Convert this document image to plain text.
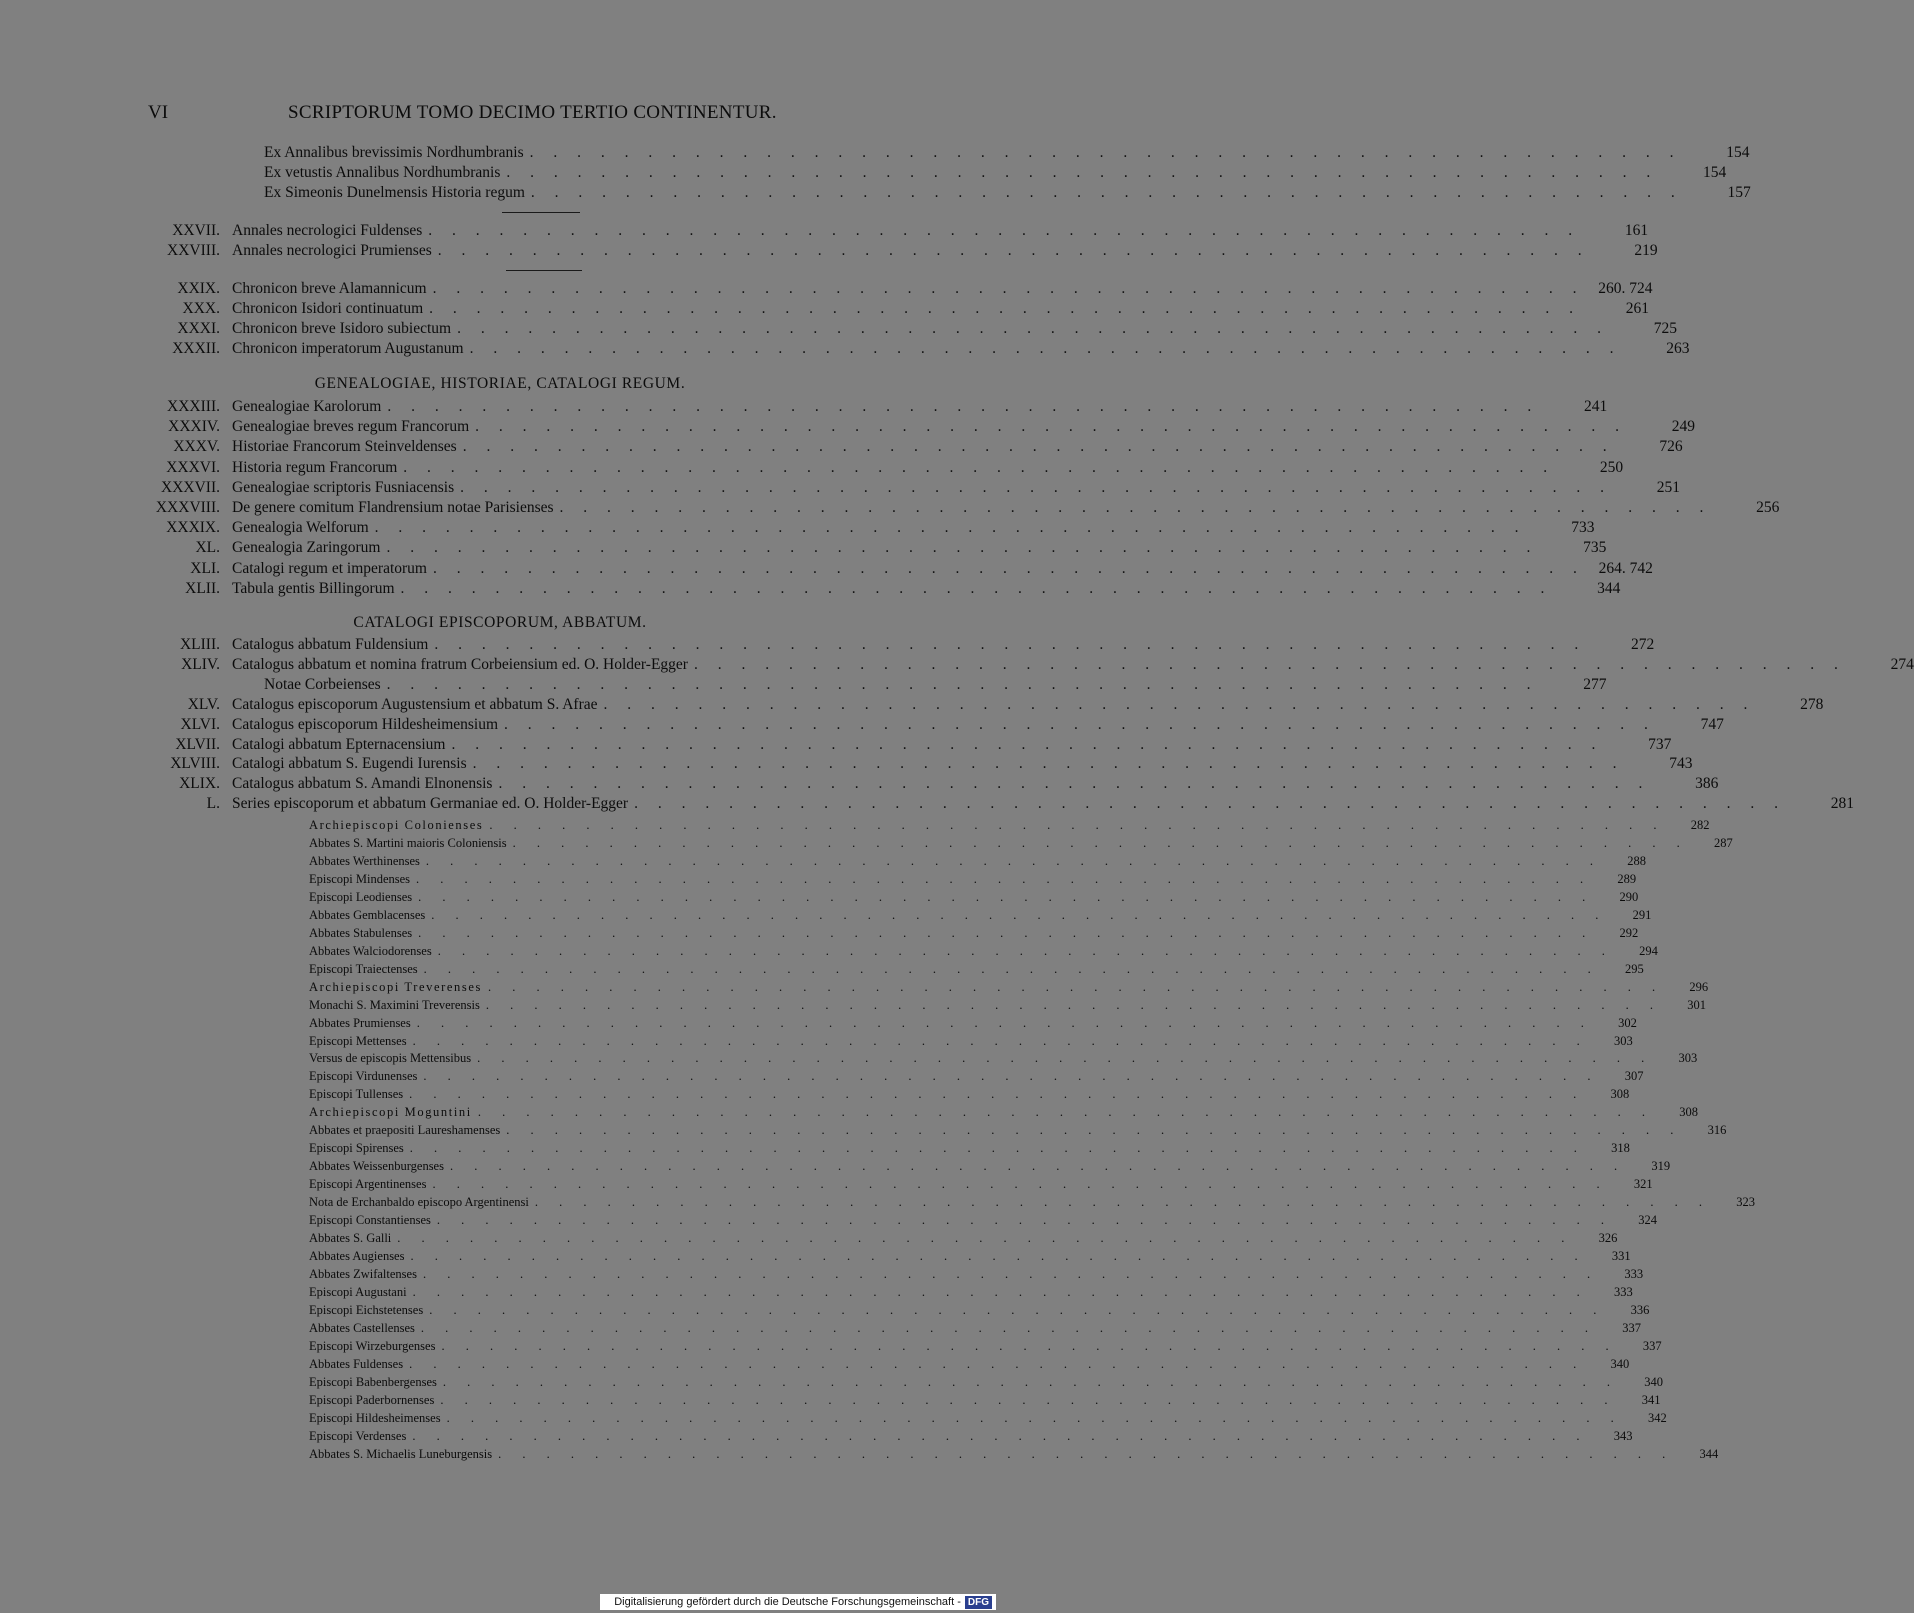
VI	SCRIPTORUM TOMO DECIMO TERTIO CONTINENTUR.
GENEALOGIAE, HISTORIAE, CATALOGI REGUM.
CATALOGI EPISCOPORUM, ABBATUM.
Ex Annalibus brevissimis Nordhumbranis . . . . . . . . . . . . . . . . . . . . . . . . . . . . . . . . . . . . . . . . . . . . . . . . .	154
Ex vetustis Annalibus Nordhumbranis . . . . . . . . . . . . . . . . . . . . . . . . . . . . . . . . . . . . . . . . . . . . . . . . .	154
Ex Simeonis Dunelmensis Historia regum . . . . . . . . . . . . . . . . . . . . . . . . . . . . . . . . . . . . . . . . . . . . . . . . .	157
XXVII. Annales necrologici Fuldenses . . . . . . . . . . . . . . . . . . . . . . . . . . . . . . . . . . . . . . . . . . . . . . . . .	161
XXVIII. Annales necrologici Prumienses . . . . . . . . . . . . . . . . . . . . . . . . . . . . . . . . . . . . . . . . . . . . . . . . .	219
XXIX. Chronicon breve Alamannicum . . . . . . . . . . . . . . . . . . . . . . . . . . . . . . . . . . . . . . . . . . . . . . . . . 260. 724
XXX. Chronicon Isidori continuatum . . . . . . . . . . . . . . . . . . . . . . . . . . . . . . . . . . . . . . . . . . . . . . . . .	261
XXXI. Chronicon breve Isidoro subiectum . . . . . . . . . . . . . . . . . . . . . . . . . . . . . . . . . . . . . . . . . . . . . . . . .	725
XXXII. Chronicon imperatorum Augustanum . . . . . . . . . . . . . . . . . . . . . . . . . . . . . . . . . . . . . . . . . . . . . . . . .	263
XXXIII. Genealogiae Karolorum . . . . . . . . . . . . . . . . . . . . . . . . . . . . . . . . . . . . . . . . . . . . . . . . .	241
XXXIV. Genealogiae breves regum Francorum . . . . . . . . . . . . . . . . . . . . . . . . . . . . . . . . . . . . . . . . . . . . . . . . .	249
XXXV. Historiae Francorum Steinveldenses . . . . . . . . . . . . . . . . . . . . . . . . . . . . . . . . . . . . . . . . . . . . . . . . .	726
XXXVI. Historia regum Francorum . . . . . . . . . . . . . . . . . . . . . . . . . . . . . . . . . . . . . . . . . . . . . . . . .	250
XXXVII. Genealogiae scriptoris Fusniacensis . . . . . . . . . . . . . . . . . . . . . . . . . . . . . . . . . . . . . . . . . . . . . . . . .	251
XXXVIII. De genere comitum Flandrensium notae Parisienses . . . . . . . . . . . . . . . . . . . . . . . . . . . . . . . . . . . . . . . . . . . . . . . . .	256
XXXIX. Genealogia Welforum . . . . . . . . . . . . . . . . . . . . . . . . . . . . . . . . . . . . . . . . . . . . . . . . .	733
XL. Genealogia Zaringorum . . . . . . . . . . . . . . . . . . . . . . . . . . . . . . . . . . . . . . . . . . . . . . . . .	735
XLI. Catalogi regum et imperatorum . . . . . . . . . . . . . . . . . . . . . . . . . . . . . . . . . . . . . . . . . . . . . . . . . 264. 742
XLII. Tabula gentis Billingorum . . . . . . . . . . . . . . . . . . . . . . . . . . . . . . . . . . . . . . . . . . . . . . . . .	344
XLIII. Catalogus abbatum Fuldensium . . . . . . . . . . . . . . . . . . . . . . . . . . . . . . . . . . . . . . . . . . . . . . . . .	272
XLIV. Catalogus abbatum et nomina fratrum Corbeiensium ed. O. Holder-Egger . . . . . . . . . . . . . . . . . . . . . . . . . . . . . . . . . . . . . . . . . . . . . . . . .	274
Notae Corbeienses . . . . . . . . . . . . . . . . . . . . . . . . . . . . . . . . . . . . . . . . . . . . . . . . .	277
XLV. Catalogus episcoporum Augustensium et abbatum S. Afrae . . . . . . . . . . . . . . . . . . . . . . . . . . . . . . . . . . . . . . . . . . . . . . . . .	278
XLVI. Catalogus episcoporum Hildesheimensium . . . . . . . . . . . . . . . . . . . . . . . . . . . . . . . . . . . . . . . . . . . . . . . . .	747
XLVII. Catalogi abbatum Epternacensium . . . . . . . . . . . . . . . . . . . . . . . . . . . . . . . . . . . . . . . . . . . . . . . . .	737
XLVIII. Catalogi abbatum S. Eugendi Iurensis . . . . . . . . . . . . . . . . . . . . . . . . . . . . . . . . . . . . . . . . . . . . . . . . .	743
XLIX. Catalogus abbatum S. Amandi Elnonensis . . . . . . . . . . . . . . . . . . . . . . . . . . . . . . . . . . . . . . . . . . . . . . . . .	386
L. Series episcoporum et abbatum Germaniae ed. O. Holder-Egger . . . . . . . . . . . . . . . . . . . . . . . . . . . . . . . . . . . . . . . . . . . . . . . . .	281
Archiepiscopi Colonienses . . . . . . . . . . . . . . . . . . . . . . . . . . . . . . . . . . . . . . . . . . . . . . . . .	282
Abbates S. Martini maioris Coloniensis . . . . . . . . . . . . . . . . . . . . . . . . . . . . . . . . . . . . . . . . . . . . . . . . .	287
Abbates Werthinenses . . . . . . . . . . . . . . . . . . . . . . . . . . . . . . . . . . . . . . . . . . . . . . . . .	288
Episcopi Mindenses . . . . . . . . . . . . . . . . . . . . . . . . . . . . . . . . . . . . . . . . . . . . . . . . .	289
Episcopi Leodienses . . . . . . . . . . . . . . . . . . . . . . . . . . . . . . . . . . . . . . . . . . . . . . . . .	290
Abbates Gemblacenses . . . . . . . . . . . . . . . . . . . . . . . . . . . . . . . . . . . . . . . . . . . . . . . . .	291
Abbates Stabulenses . . . . . . . . . . . . . . . . . . . . . . . . . . . . . . . . . . . . . . . . . . . . . . . . .	292
Abbates Walciodorenses . . . . . . . . . . . . . . . . . . . . . . . . . . . . . . . . . . . . . . . . . . . . . . . . .	294
Episcopi Traiectenses . . . . . . . . . . . . . . . . . . . . . . . . . . . . . . . . . . . . . . . . . . . . . . . . .	295
Archiepiscopi Treverenses . . . . . . . . . . . . . . . . . . . . . . . . . . . . . . . . . . . . . . . . . . . . . . . . .	296
Monachi S. Maximini Treverensis . . . . . . . . . . . . . . . . . . . . . . . . . . . . . . . . . . . . . . . . . . . . . . . . .	301
Abbates Prumienses . . . . . . . . . . . . . . . . . . . . . . . . . . . . . . . . . . . . . . . . . . . . . . . . .	302
Episcopi Mettenses . . . . . . . . . . . . . . . . . . . . . . . . . . . . . . . . . . . . . . . . . . . . . . . . .	303
Versus de episcopis Mettensibus . . . . . . . . . . . . . . . . . . . . . . . . . . . . . . . . . . . . . . . . . . . . . . . . .	303
Episcopi Virdunenses . . . . . . . . . . . . . . . . . . . . . . . . . . . . . . . . . . . . . . . . . . . . . . . . .	307
Episcopi Tullenses . . . . . . . . . . . . . . . . . . . . . . . . . . . . . . . . . . . . . . . . . . . . . . . . .	308
Archiepiscopi Moguntini . . . . . . . . . . . . . . . . . . . . . . . . . . . . . . . . . . . . . . . . . . . . . . . . .	308
Abbates et praepositi Laureshamenses . . . . . . . . . . . . . . . . . . . . . . . . . . . . . . . . . . . . . . . . . . . . . . . . .	316
Episcopi Spirenses . . . . . . . . . . . . . . . . . . . . . . . . . . . . . . . . . . . . . . . . . . . . . . . . .	318
Abbates Weissenburgenses . . . . . . . . . . . . . . . . . . . . . . . . . . . . . . . . . . . . . . . . . . . . . . . . .	319
Episcopi Argentinenses . . . . . . . . . . . . . . . . . . . . . . . . . . . . . . . . . . . . . . . . . . . . . . . . .	321
Nota de Erchanbaldo episcopo Argentinensi . . . . . . . . . . . . . . . . . . . . . . . . . . . . . . . . . . . . . . . . . . . . . . . . .	323
Episcopi Constantienses . . . . . . . . . . . . . . . . . . . . . . . . . . . . . . . . . . . . . . . . . . . . . . . . .	324
Abbates S. Galli . . . . . . . . . . . . . . . . . . . . . . . . . . . . . . . . . . . . . . . . . . . . . . . . .	326
Abbates Augienses . . . . . . . . . . . . . . . . . . . . . . . . . . . . . . . . . . . . . . . . . . . . . . . . .	331
Abbates Zwifaltenses . . . . . . . . . . . . . . . . . . . . . . . . . . . . . . . . . . . . . . . . . . . . . . . . .	333
Episcopi Augustani . . . . . . . . . . . . . . . . . . . . . . . . . . . . . . . . . . . . . . . . . . . . . . . . .	333
Episcopi Eichstetenses . . . . . . . . . . . . . . . . . . . . . . . . . . . . . . . . . . . . . . . . . . . . . . . . .	336
Abbates Castellenses . . . . . . . . . . . . . . . . . . . . . . . . . . . . . . . . . . . . . . . . . . . . . . . . .	337
Episcopi Wirzeburgenses . . . . . . . . . . . . . . . . . . . . . . . . . . . . . . . . . . . . . . . . . . . . . . . . .	337
Abbates Fuldenses . . . . . . . . . . . . . . . . . . . . . . . . . . . . . . . . . . . . . . . . . . . . . . . . .	340
Episcopi Babenbergenses . . . . . . . . . . . . . . . . . . . . . . . . . . . . . . . . . . . . . . . . . . . . . . . . .	340
Episcopi Paderbornenses . . . . . . . . . . . . . . . . . . . . . . . . . . . . . . . . . . . . . . . . . . . . . . . . .	341
Episcopi Hildesheimenses . . . . . . . . . . . . . . . . . . . . . . . . . . . . . . . . . . . . . . . . . . . . . . . . .	342
Episcopi Verdenses . . . . . . . . . . . . . . . . . . . . . . . . . . . . . . . . . . . . . . . . . . . . . . . . .	343
Abbates S. Michaelis Luneburgensis . . . . . . . . . . . . . . . . . . . . . . . . . . . . . . . . . . . . . . . . . . . . . . . . .	344
Digitalisierung gefördert durch die Deutsche Forschungsgemeinschaft - DFG
